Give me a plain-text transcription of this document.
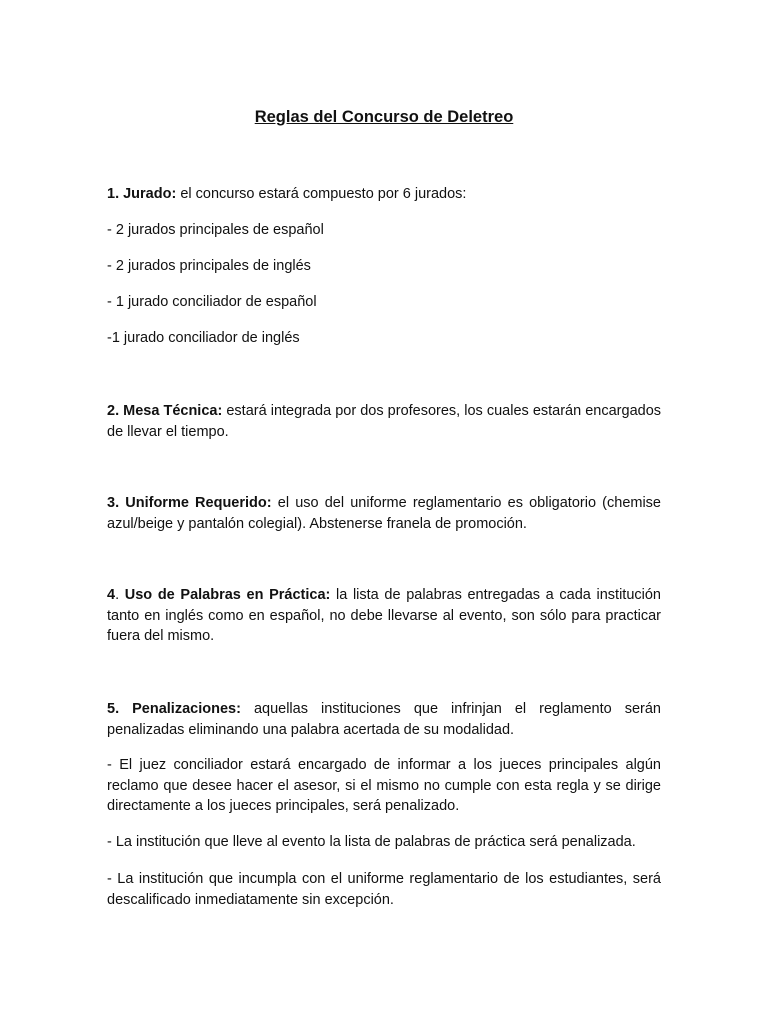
Reglas del Concurso de Deletreo
1. Jurado: el concurso estará compuesto por 6 jurados:
- 2 jurados principales de español
- 2 jurados principales de inglés
- 1 jurado conciliador de español
-1 jurado conciliador de inglés
2. Mesa Técnica: estará integrada por dos profesores, los cuales estarán encargados de llevar el tiempo.
3. Uniforme Requerido: el uso del uniforme reglamentario es obligatorio (chemise azul/beige y pantalón colegial). Abstenerse franela de promoción.
4. Uso de Palabras en Práctica: la lista de palabras entregadas a cada institución tanto en inglés como en español, no debe llevarse al evento, son sólo para practicar fuera del mismo.
5. Penalizaciones: aquellas instituciones que infrinjan el reglamento serán penalizadas eliminando una palabra acertada de su modalidad.
- El juez conciliador estará encargado de informar a los jueces principales algún reclamo que desee hacer el asesor, si el mismo no cumple con esta regla y se dirige directamente a los jueces principales, será penalizado.
- La institución que lleve al evento la lista de palabras de práctica será penalizada.
- La institución que incumpla con el uniforme reglamentario de los estudiantes, será descalificado inmediatamente sin excepción.
